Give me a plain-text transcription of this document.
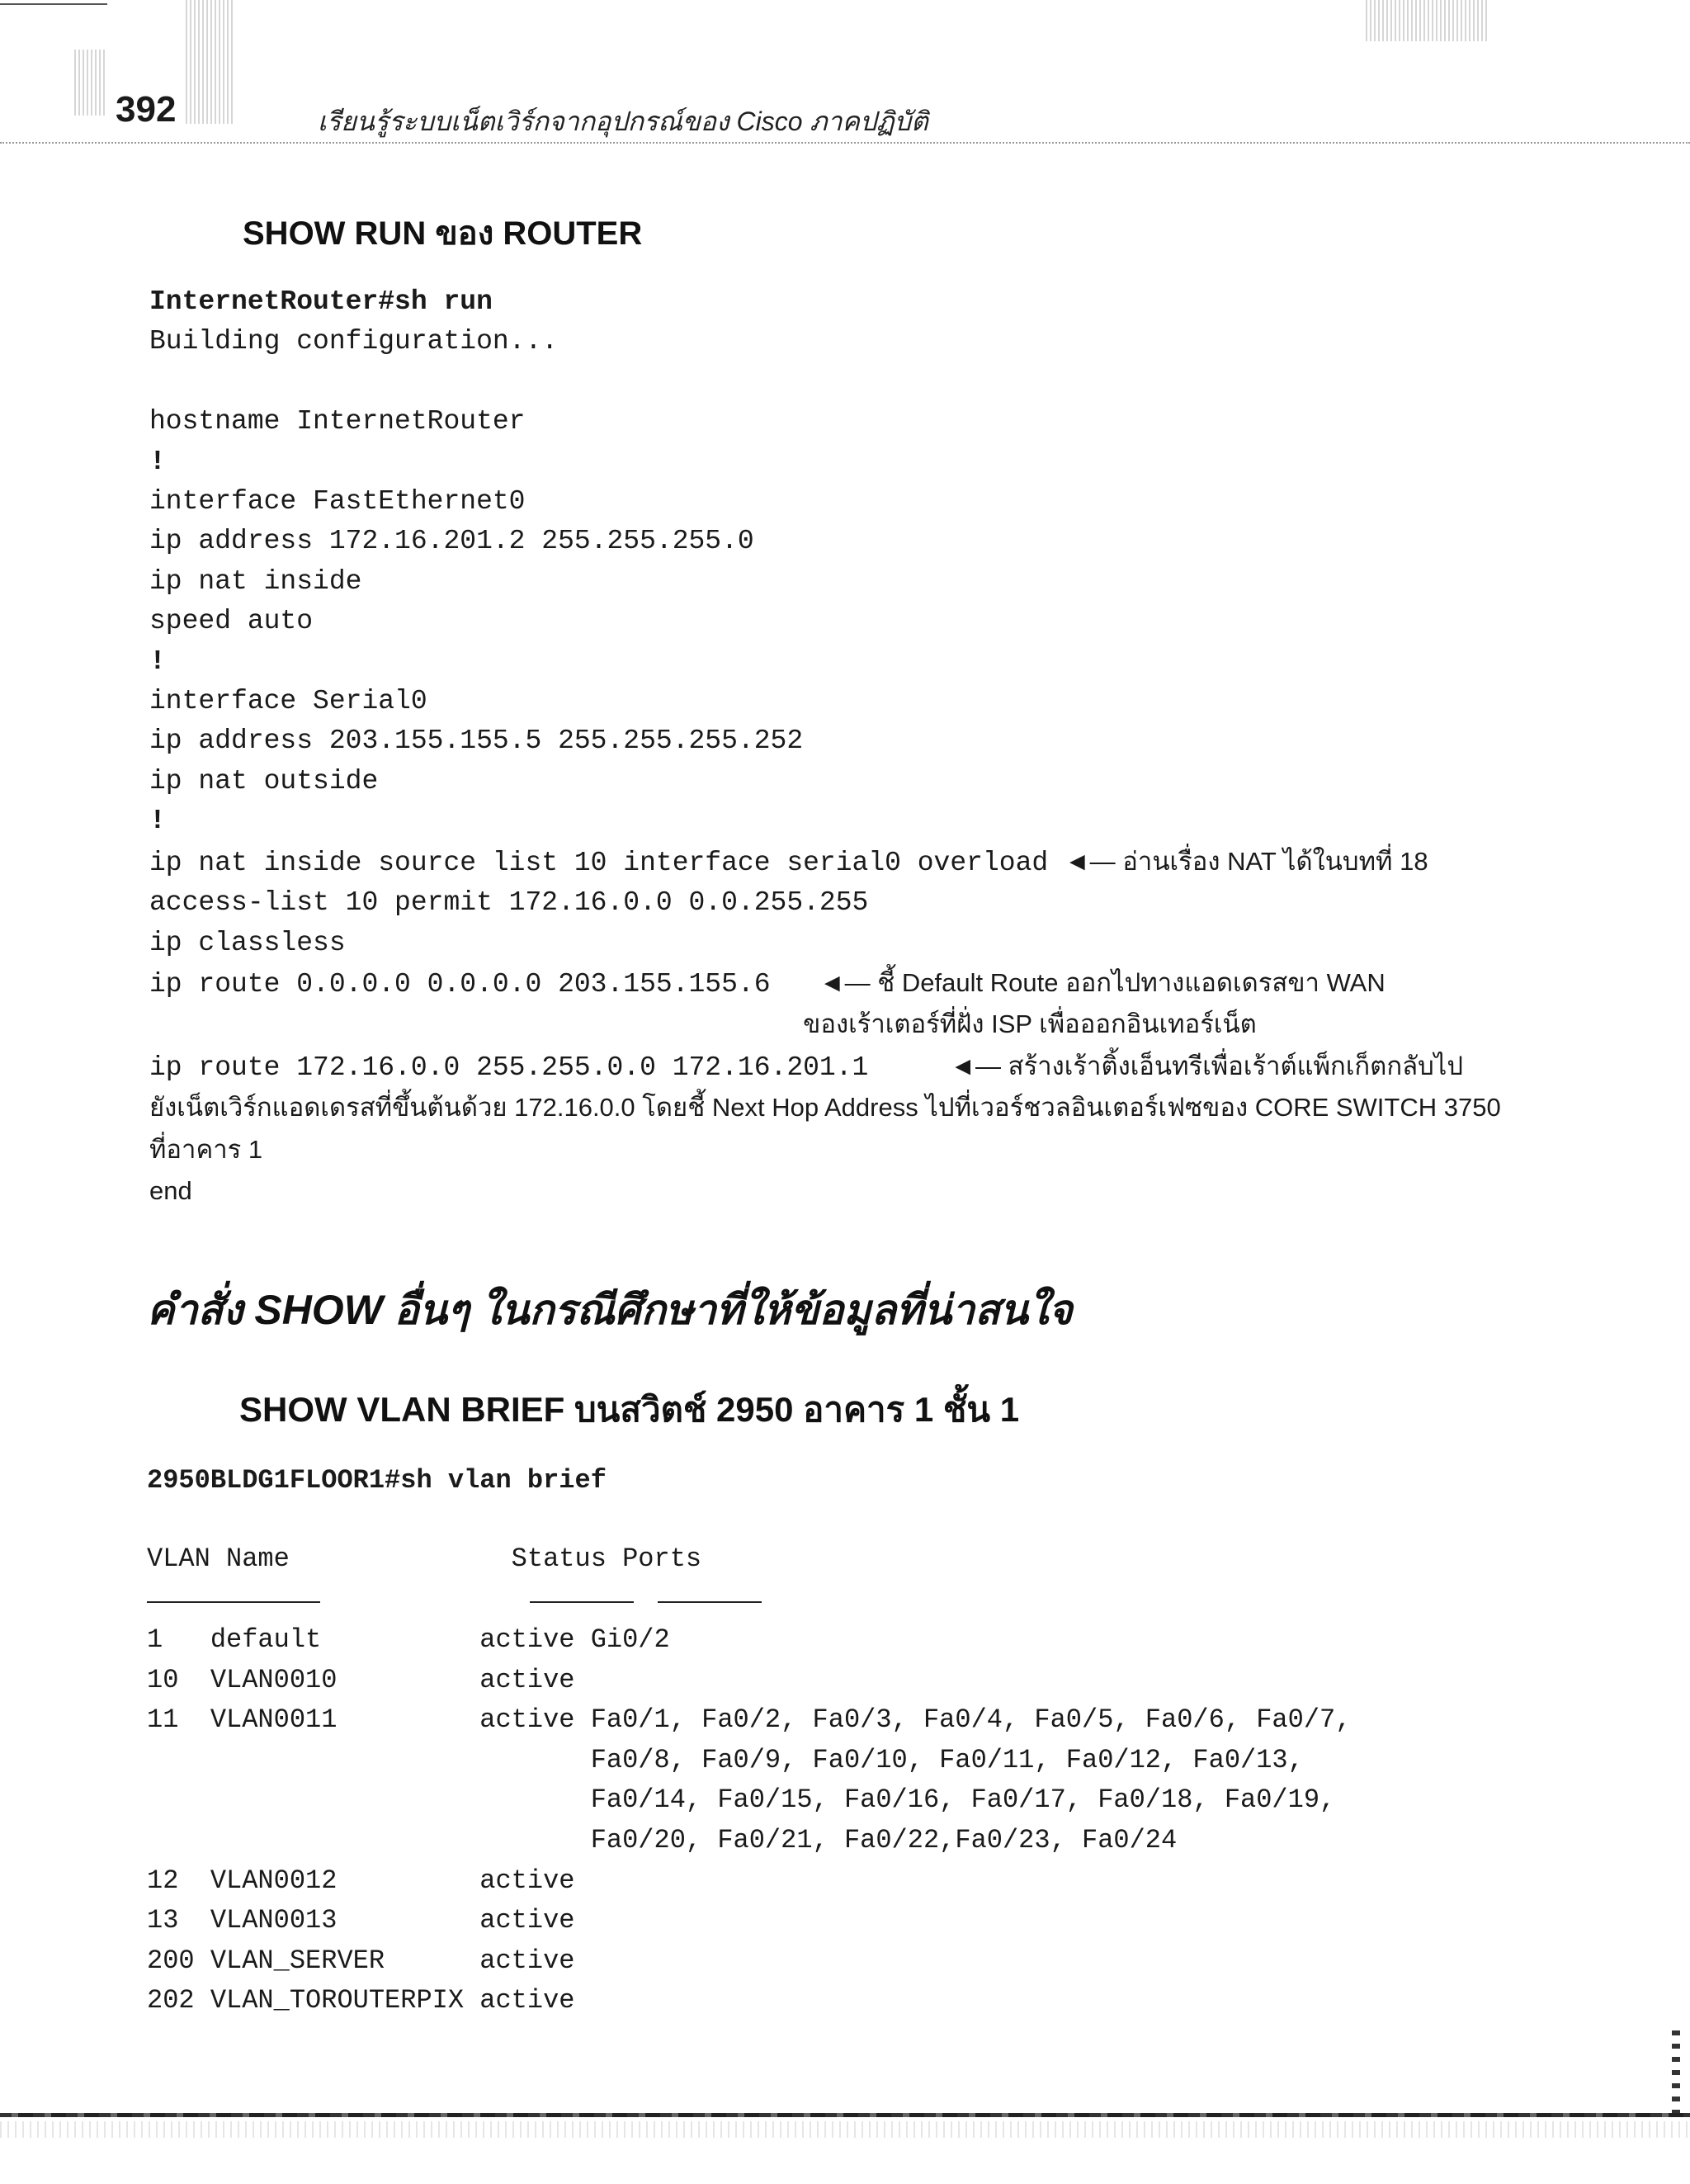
392	เรียนรู้ระบบเน็ตเวิร์กจากอุปกรณ์ของ Cisco ภาคปฏิบัติ
SHOW RUN ของ ROUTER
InternetRouter#sh run
Building configuration...

hostname InternetRouter
!
interface FastEthernet0
ip address 172.16.201.2 255.255.255.0
ip nat inside
speed auto
!
interface Serial0
ip address 203.155.155.5 255.255.255.252
ip nat outside
!
ip nat inside source list 10 interface serial0 overload ◄— อ่านเรื่อง NAT ได้ในบทที่ 18
access-list 10 permit 172.16.0.0 0.0.255.255
ip classless
ip route 0.0.0.0 0.0.0.0 203.155.155.6 ◄— ชี้ Default Route ออกไปทางแอดเดรสขา WAN
ของเร้าเตอร์ที่ฝั่ง ISP เพื่อออกอินเทอร์เน็ต
ip route 172.16.0.0 255.255.0.0 172.16.201.1	◄— สร้างเร้าติ้งเอ็นทรีเพื่อเร้าต์แพ็กเก็ตกลับไป
ยังเน็ตเวิร์กแอดเดรสที่ขึ้นต้นด้วย 172.16.0.0 โดยชี้ Next Hop Address ไปที่เวอร์ชวลอินเตอร์เฟซของ CORE SWITCH 3750
ที่อาคาร 1
end
คำสั่ง SHOW อื่นๆ ในกรณีศึกษาที่ให้ข้อมูลที่น่าสนใจ
SHOW VLAN BRIEF บนสวิตช์ 2950 อาคาร 1 ชั้น 1
2950BLDG1FLOOR1#sh vlan brief
VLAN Name	Status Ports
1 default	active Gi0/2
10 VLAN0010	active
11 VLAN0011	active Fa0/1, Fa0/2, Fa0/3, Fa0/4, Fa0/5, Fa0/6, Fa0/7,
Fa0/8, Fa0/9, Fa0/10, Fa0/11, Fa0/12, Fa0/13,
Fa0/14, Fa0/15, Fa0/16, Fa0/17, Fa0/18, Fa0/19,
Fa0/20, Fa0/21, Fa0/22,Fa0/23, Fa0/24
12 VLAN0012	active
13 VLAN0013	active
200 VLAN_SERVER	active
202 VLAN_TOROUTERPIX active
